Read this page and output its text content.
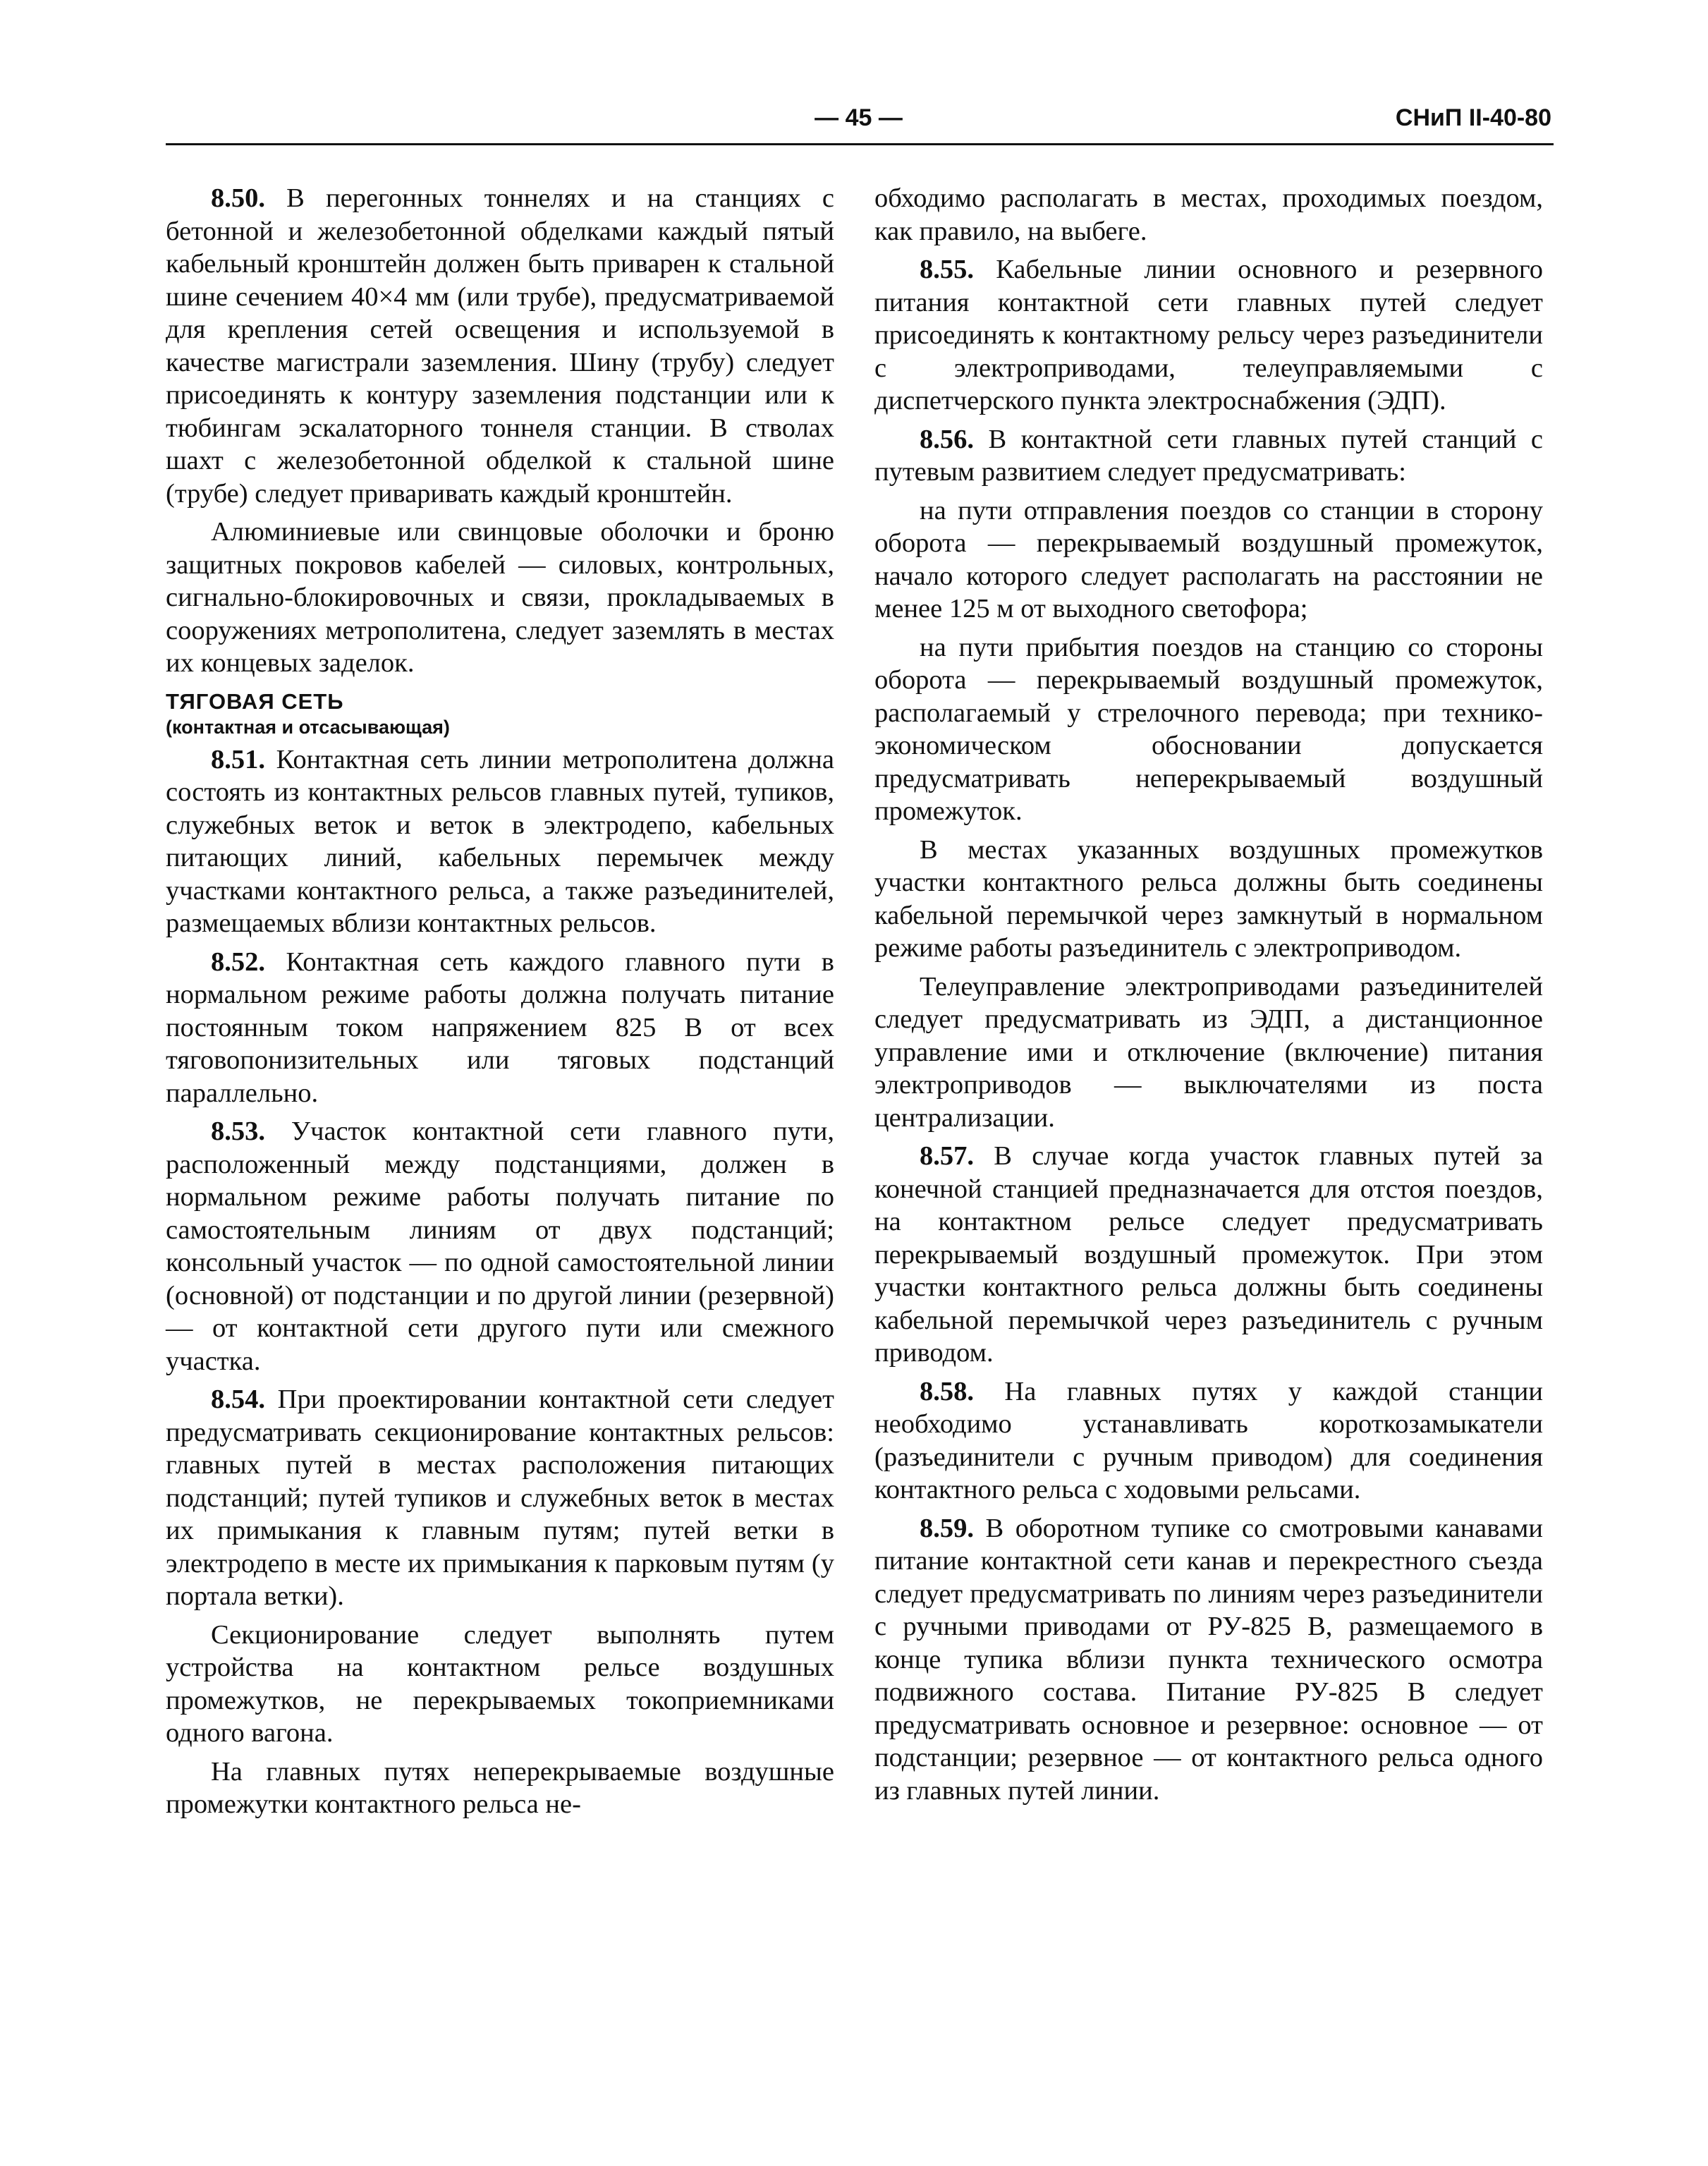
— 45 —	СНиП II-40-80

8.50. В перегонных тоннелях и на станциях с бетонной и железобетонной обделками каждый пятый кабельный кронштейн должен быть приварен к стальной шине сечением 40×4 мм (или трубе), предусматриваемой для крепления сетей освещения и используемой в качестве магистрали заземления. Шину (трубу) следует присоединять к контуру заземления подстанции или к тюбингам эскалаторного тоннеля станции. В стволах шахт с железобетонной обделкой к стальной шине (трубе) следует приваривать каждый кронштейн.

Алюминиевые или свинцовые оболочки и броню защитных покровов кабелей — силовых, контрольных, сигнально-блокировочных и связи, прокладываемых в сооружениях метрополитена, следует заземлять в местах их концевых заделок.

ТЯГОВАЯ СЕТЬ
(контактная и отсасывающая)

8.51. Контактная сеть линии метрополитена должна состоять из контактных рельсов главных путей, тупиков, служебных веток и веток в электродепо, кабельных питающих линий, кабельных перемычек между участками контактного рельса, а также разъединителей, размещаемых вблизи контактных рельсов.

8.52. Контактная сеть каждого главного пути в нормальном режиме работы должна получать питание постоянным током напряжением 825 В от всех тяговопонизительных или тяговых подстанций параллельно.

8.53. Участок контактной сети главного пути, расположенный между подстанциями, должен в нормальном режиме работы получать питание по самостоятельным линиям от двух подстанций; консольный участок — по одной самостоятельной линии (основной) от подстанции и по другой линии (резервной) — от контактной сети другого пути или смежного участка.

8.54. При проектировании контактной сети следует предусматривать секционирование контактных рельсов: главных путей в местах расположения питающих подстанций; путей тупиков и служебных веток в местах их примыкания к главным путям; путей ветки в электродепо в месте их примыкания к парковым путям (у портала ветки).

Секционирование следует выполнять путем устройства на контактном рельсе воздушных промежутков, не перекрываемых токоприемниками одного вагона.

На главных путях неперекрываемые воздушные промежутки контактного рельса не-

обходимо располагать в местах, проходимых поездом, как правило, на выбеге.

8.55. Кабельные линии основного и резервного питания контактной сети главных путей следует присоединять к контактному рельсу через разъединители с электроприводами, телеуправляемыми с диспетчерского пункта электроснабжения (ЭДП).

8.56. В контактной сети главных путей станций с путевым развитием следует предусматривать:

на пути отправления поездов со станции в сторону оборота — перекрываемый воздушный промежуток, начало которого следует располагать на расстоянии не менее 125 м от выходного светофора;

на пути прибытия поездов на станцию со стороны оборота — перекрываемый воздушный промежуток, располагаемый у стрелочного перевода; при технико-экономическом обосновании допускается предусматривать неперекрываемый воздушный промежуток.

В местах указанных воздушных промежутков участки контактного рельса должны быть соединены кабельной перемычкой через замкнутый в нормальном режиме работы разъединитель с электроприводом.

Телеуправление электроприводами разъединителей следует предусматривать из ЭДП, а дистанционное управление ими и отключение (включение) питания электроприводов — выключателями из поста централизации.

8.57. В случае когда участок главных путей за конечной станцией предназначается для отстоя поездов, на контактном рельсе следует предусматривать перекрываемый воздушный промежуток. При этом участки контактного рельса должны быть соединены кабельной перемычкой через разъединитель с ручным приводом.

8.58. На главных путях у каждой станции необходимо устанавливать короткозамыкатели (разъединители с ручным приводом) для соединения контактного рельса с ходовыми рельсами.

8.59. В оборотном тупике со смотровыми канавами питание контактной сети канав и перекрестного съезда следует предусматривать по линиям через разъединители с ручными приводами от РУ-825 В, размещаемого в конце тупика вблизи пункта технического осмотра подвижного состава. Питание РУ-825 В следует предусматривать основное и резервное: основное — от подстанции; резервное — от контактного рельса одного из главных путей линии.
